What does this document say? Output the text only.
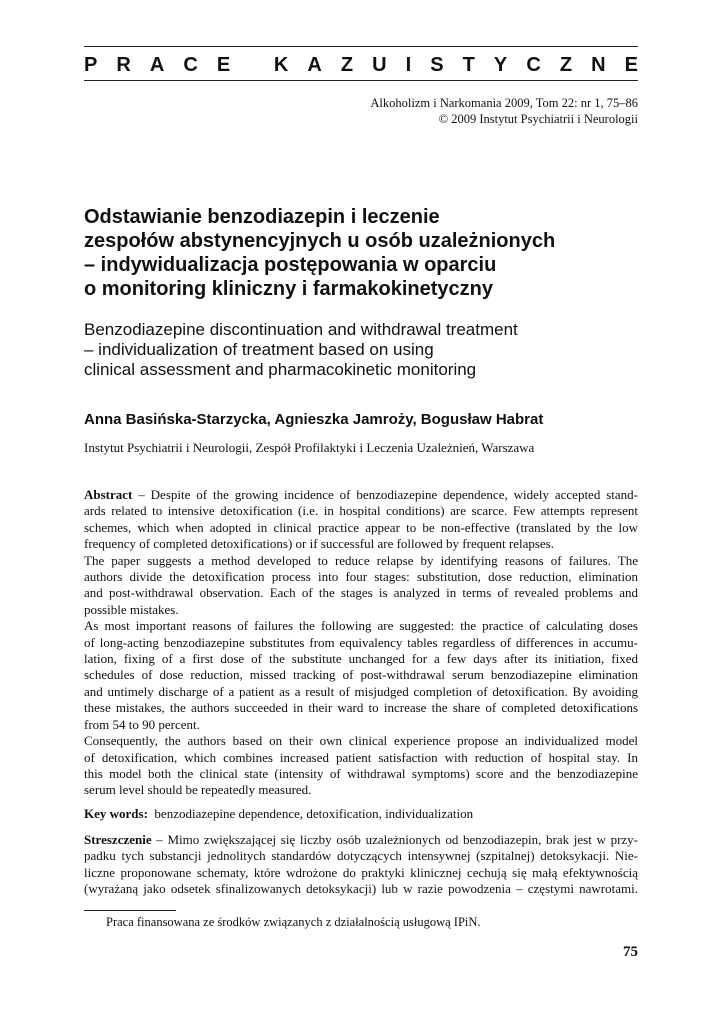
P R A C E
K A Z U I S T Y C Z N E
Alkoholizm i Narkomania 2009, Tom 22: nr 1, 75–86
© 2009 Instytut Psychiatrii i Neurologii
Odstawianie benzodiazepin i leczenie
zespołów abstynencyjnych u osób uzależnionych
– indywidualizacja postępowania w oparciu
o monitoring kliniczny i farmakokinetyczny
Benzodiazepine discontinuation and withdrawal treatment
– individualization of treatment based on using
clinical assessment and pharmacokinetic monitoring
Anna Basińska-Starzycka, Agnieszka Jamroży, Bogusław Habrat
Instytut Psychiatrii i Neurologii, Zespół Profilaktyki i Leczenia Uzależnień, Warszawa
Abstract – Despite of the growing incidence of benzodiazepine dependence, widely accepted stand-
ards related to intensive detoxification (i.e. in hospital conditions) are scarce. Few attempts represent
schemes, which when adopted in clinical practice appear to be non-effective (translated by the low
frequency of completed detoxifications) or if successful are followed by frequent relapses.
The paper suggests a method developed to reduce relapse by identifying reasons of failures. The
authors divide the detoxification process into four stages: substitution, dose reduction, elimination
and post-withdrawal observation. Each of the stages is analyzed in terms of revealed problems and
possible mistakes.
As most important reasons of failures the following are suggested: the practice of calculating doses
of long-acting benzodiazepine substitutes from equivalency tables regardless of differences in accumu-
lation, fixing of a first dose of the substitute unchanged for a few days after its initiation, fixed
schedules of dose reduction, missed tracking of post-withdrawal serum benzodiazepine elimination
and untimely discharge of a patient as a result of misjudged completion of detoxification. By avoiding
these mistakes, the authors succeeded in their ward to increase the share of completed detoxifications
from 54 to 90 percent.
Consequently, the authors based on their own clinical experience propose an individualized model
of detoxification, which combines increased patient satisfaction with reduction of hospital stay. In
this model both the clinical state (intensity of withdrawal symptoms) score and the benzodiazepine
serum level should be repeatedly measured.
Key words: benzodiazepine dependence, detoxification, individualization
Streszczenie – Mimo zwiększającej się liczby osób uzależnionych od benzodiazepin, brak jest w przy-
padku tych substancji jednolitych standardów dotyczących intensywnej (szpitalnej) detoksykacji. Nie-
liczne proponowane schematy, które wdrożone do praktyki klinicznej cechują się małą efektywnością
(wyrażaną jako odsetek sfinalizowanych detoksykacji) lub w razie powodzenia – częstymi nawrotami.
Praca finansowana ze środków związanych z działalnością usługową IPiN.
75
